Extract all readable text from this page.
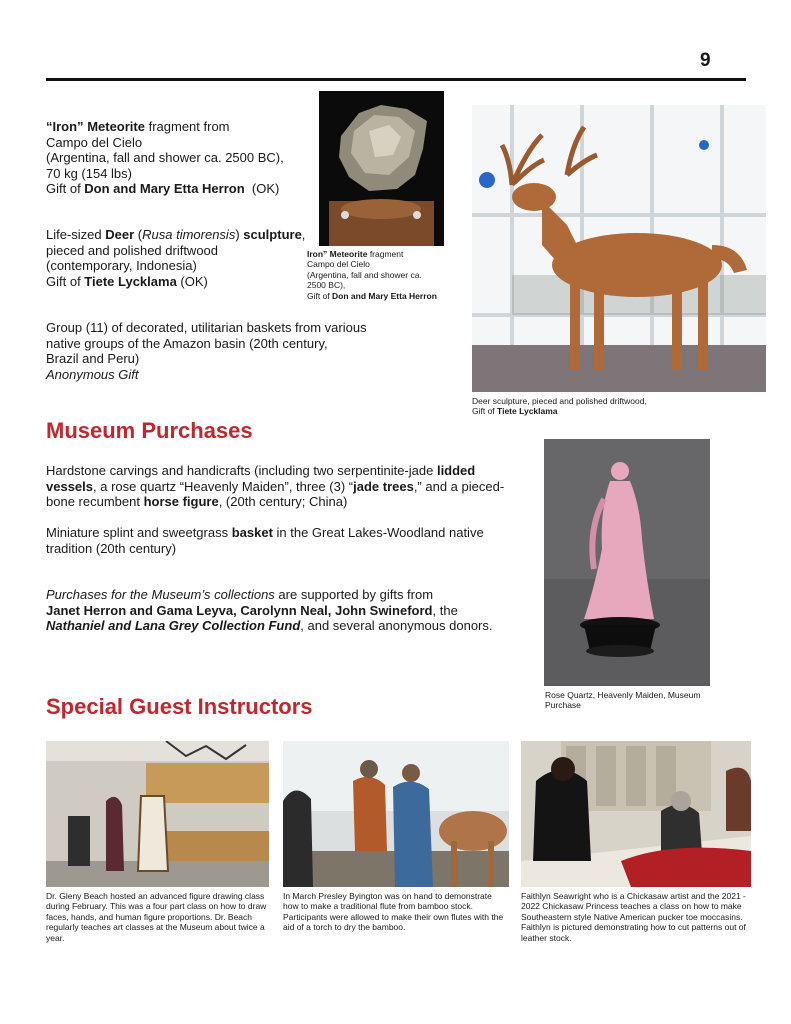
9
“Iron” Meteorite fragment from
Campo del Cielo
(Argentina, fall and shower ca. 2500 BC),
70 kg (154 lbs)
Gift of Don and Mary Etta Herron  (OK)
Life-sized Deer (Rusa timorensis) sculpture,
pieced and polished driftwood
(contemporary, Indonesia)
Gift of Tiete Lycklama (OK)
Group (11) of decorated, utilitarian baskets from various
native groups of the Amazon basin (20th century,
Brazil and Peru)
Anonymous Gift
Iron” Meteorite fragment
Campo del Cielo
(Argentina, fall and shower ca.
2500 BC),
Gift of Don and Mary Etta Herron
Deer sculpture, pieced and polished driftwood,
Gift of Tiete Lycklama
Museum Purchases
Hardstone carvings and handicrafts (including two serpentinite-jade lidded vessels, a rose quartz “Heavenly Maiden”, three (3) “jade trees,” and a pieced-bone recumbent horse figure, (20th century; China)
Miniature splint and sweetgrass basket in the Great Lakes-Woodland native tradition (20th century)
Purchases for the Museum’s collections are supported by gifts from
Janet Herron and Gama Leyva, Carolynn Neal, John Swineford, the
Nathaniel and Lana Grey Collection Fund, and several anonymous donors.
Rose Quartz, Heavenly Maiden, Museum Purchase
Special Guest Instructors
Dr. Gleny Beach hosted an advanced figure drawing class during February. This was a four part class on how to draw faces, hands, and human figure proportions. Dr. Beach regularly teaches art classes at the Museum about twice a year.
In March Presley Byington was on hand to demonstrate how to make a traditional flute from bamboo stock. Participants were allowed to make their own flutes with the aid of a torch to dry the bamboo.
Faithlyn Seawright who is a Chickasaw artist and the 2021 - 2022 Chickasaw Princess teaches a class on how to make Southeastern style Native American pucker toe moccasins. Faithlyn is pictured demonstrating how to cut patterns out of leather stock.
